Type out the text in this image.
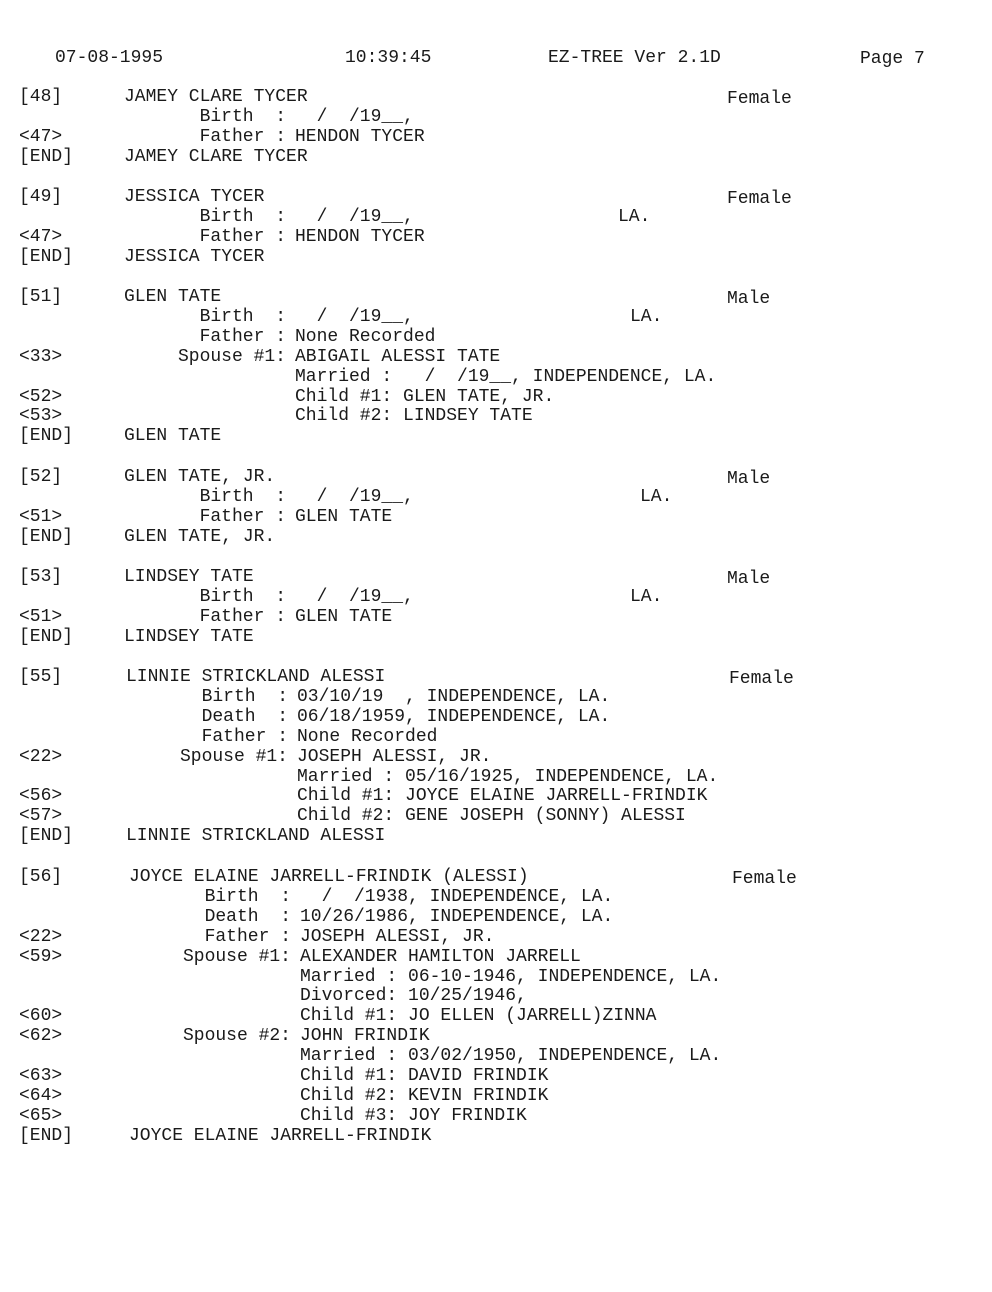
07-08-1995	10:39:45	EZ-TREE Ver 2.1D	Page 7
[48]	JAMEY CLARE TYCER	Female
Birth  : /  /19__,
<47>	Father : HENDON TYCER
[END]	JAMEY CLARE TYCER
[49]	JESSICA TYCER	Female
Birth  : /  /19__,	LA.
<47>	Father : HENDON TYCER
[END]	JESSICA TYCER
[51]	GLEN TATE	Male
Birth  : /  /19__,	LA.
Father : None Recorded
<33>	Spouse #1: ABIGAIL ALESSI TATE
Married :   /  /19__, INDEPENDENCE, LA.
<52>	Child #1: GLEN TATE, JR.
<53>	Child #2: LINDSEY TATE
[END]	GLEN TATE
[52]	GLEN TATE, JR.	Male
Birth  : /  /19__,	LA.
<51>	Father : GLEN TATE
[END]	GLEN TATE, JR.
[53]	LINDSEY TATE	Male
Birth  : /  /19__,	LA.
<51>	Father : GLEN TATE
[END]	LINDSEY TATE
[55]	LINNIE STRICKLAND ALESSI	Female
Birth  : 03/10/19  , INDEPENDENCE, LA.
Death  : 06/18/1959, INDEPENDENCE, LA.
Father : None Recorded
<22>	Spouse #1: JOSEPH ALESSI, JR.
Married : 05/16/1925, INDEPENDENCE, LA.
<56>	Child #1: JOYCE ELAINE JARRELL-FRINDIK
<57>	Child #2: GENE JOSEPH (SONNY) ALESSI
[END]	LINNIE STRICKLAND ALESSI
[56]	JOYCE ELAINE JARRELL-FRINDIK (ALESSI)	Female
Birth  : /  /1938, INDEPENDENCE, LA.
Death  : 10/26/1986, INDEPENDENCE, LA.
<22>	Father : JOSEPH ALESSI, JR.
<59>	Spouse #1: ALEXANDER HAMILTON JARRELL
Married : 06-10-1946, INDEPENDENCE, LA.
Divorced: 10/25/1946,
<60>	Child #1: JO ELLEN (JARRELL)ZINNA
<62>	Spouse #2: JOHN FRINDIK
Married : 03/02/1950, INDEPENDENCE, LA.
<63>	Child #1: DAVID FRINDIK
<64>	Child #2: KEVIN FRINDIK
<65>	Child #3: JOY FRINDIK
[END]	JOYCE ELAINE JARRELL-FRINDIK
